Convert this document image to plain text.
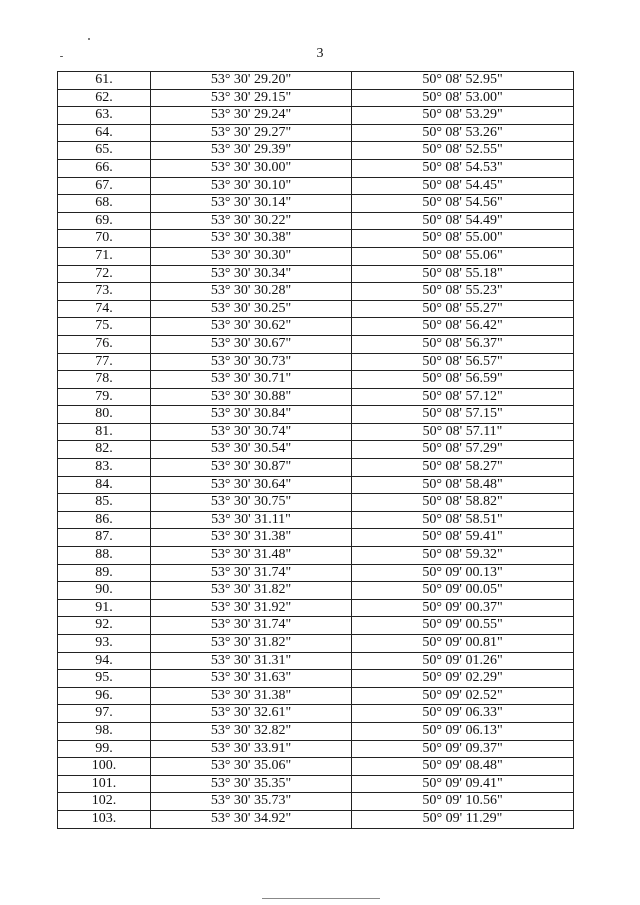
3
61.	53° 30' 29.20"	50° 08' 52.95"
62.	53° 30' 29.15"	50° 08' 53.00"
63.	53° 30' 29.24"	50° 08' 53.29"
64.	53° 30' 29.27"	50° 08' 53.26"
65.	53° 30' 29.39"	50° 08' 52.55"
66.	53° 30' 30.00"	50° 08' 54.53"
67.	53° 30' 30.10"	50° 08' 54.45"
68.	53° 30' 30.14"	50° 08' 54.56"
69.	53° 30' 30.22"	50° 08' 54.49"
70.	53° 30' 30.38"	50° 08' 55.00"
71.	53° 30' 30.30"	50° 08' 55.06"
72.	53° 30' 30.34"	50° 08' 55.18"
73.	53° 30' 30.28"	50° 08' 55.23"
74.	53° 30' 30.25"	50° 08' 55.27"
75.	53° 30' 30.62"	50° 08' 56.42"
76.	53° 30' 30.67"	50° 08' 56.37"
77.	53° 30' 30.73"	50° 08' 56.57"
78.	53° 30' 30.71"	50° 08' 56.59"
79.	53° 30' 30.88"	50° 08' 57.12"
80.	53° 30' 30.84"	50° 08' 57.15"
81.	53° 30' 30.74"	50° 08' 57.11"
82.	53° 30' 30.54"	50° 08' 57.29"
83.	53° 30' 30.87"	50° 08' 58.27"
84.	53° 30' 30.64"	50° 08' 58.48"
85.	53° 30' 30.75"	50° 08' 58.82"
86.	53° 30' 31.11"	50° 08' 58.51"
87.	53° 30' 31.38"	50° 08' 59.41"
88.	53° 30' 31.48"	50° 08' 59.32"
89.	53° 30' 31.74"	50° 09' 00.13"
90.	53° 30' 31.82"	50° 09' 00.05"
91.	53° 30' 31.92"	50° 09' 00.37"
92.	53° 30' 31.74"	50° 09' 00.55"
93.	53° 30' 31.82"	50° 09' 00.81"
94.	53° 30' 31.31"	50° 09' 01.26"
95.	53° 30' 31.63"	50° 09' 02.29"
96.	53° 30' 31.38"	50° 09' 02.52"
97.	53° 30' 32.61"	50° 09' 06.33"
98.	53° 30' 32.82"	50° 09' 06.13"
99.	53° 30' 33.91"	50° 09' 09.37"
100.	53° 30' 35.06"	50° 09' 08.48"
101.	53° 30' 35.35"	50° 09' 09.41"
102.	53° 30' 35.73"	50° 09' 10.56"
103.	53° 30' 34.92"	50° 09' 11.29"
